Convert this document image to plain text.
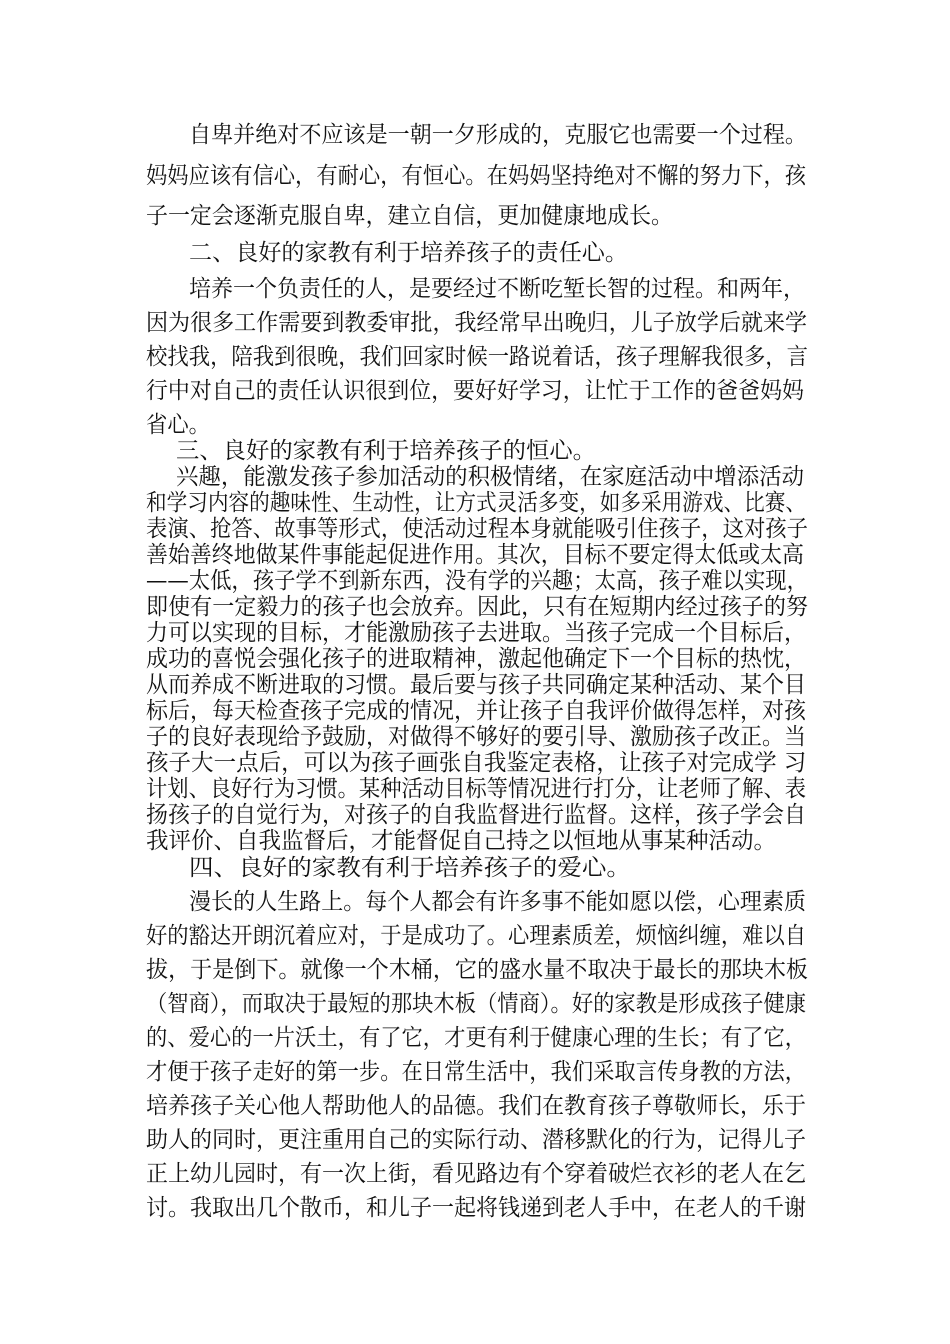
自卑并绝对不应该是一朝一夕形成的，克服它也需要一个过程。
妈妈应该有信心，有耐心，有恒心。在妈妈坚持绝对不懈的努力下，孩
子一定会逐渐克服自卑，建立自信，更加健康地成长。
二、良好的家教有利于培养孩子的责任心。
培养一个负责任的人，是要经过不断吃堑长智的过程。和两年，
因为很多工作需要到教委审批，我经常早出晚归，儿子放学后就来学
校找我，陪我到很晚，我们回家时候一路说着话，孩子理解我很多，言
行中对自己的责任认识很到位，要好好学习，让忙于工作的爸爸妈妈
省心。
三、良好的家教有利于培养孩子的恒心。
兴趣，能激发孩子参加活动的积极情绪，在家庭活动中增添活动
和学习内容的趣味性、生动性，让方式灵活多变，如多采用游戏、比赛、
表演、抢答、故事等形式，使活动过程本身就能吸引住孩子，这对孩子
善始善终地做某件事能起促进作用。其次，目标不要定得太低或太高
——太低，孩子学不到新东西，没有学的兴趣；太高，孩子难以实现，
即使有一定毅力的孩子也会放弃。因此，只有在短期内经过孩子的努
力可以实现的目标，才能激励孩子去进取。当孩子完成一个目标后，
成功的喜悦会强化孩子的进取精神，激起他确定下一个目标的热忱，
从而养成不断进取的习惯。最后要与孩子共同确定某种活动、某个目
标后，每天检查孩子完成的情况，并让孩子自我评价做得怎样，对孩
子的良好表现给予鼓励，对做得不够好的要引导、激励孩子改正。当
孩子大一点后，可以为孩子画张自我鉴定表格，让孩子对完成学 习
计划、良好行为习惯。某种活动目标等情况进行打分，让老师了解、表
扬孩子的自觉行为，对孩子的自我监督进行监督。这样，孩子学会自
我评价、自我监督后，才能督促自己持之以恒地从事某种活动。
四、良好的家教有利于培养孩子的爱心。
漫长的人生路上。每个人都会有许多事不能如愿以偿，心理素质
好的豁达开朗沉着应对，于是成功了。心理素质差，烦恼纠缠，难以自
拔，于是倒下。就像一个木桶，它的盛水量不取决于最长的那块木板
（智商），而取决于最短的那块木板（情商）。好的家教是形成孩子健康
的、爱心的一片沃土，有了它，才更有利于健康心理的生长；有了它，
才便于孩子走好的第一步。在日常生活中，我们采取言传身教的方法，
培养孩子关心他人帮助他人的品德。我们在教育孩子尊敬师长，乐于
助人的同时，更注重用自己的实际行动、潜移默化的行为，记得儿子
正上幼儿园时，有一次上街，看见路边有个穿着破烂衣衫的老人在乞
讨。我取出几个散币，和儿子一起将钱递到老人手中，在老人的千谢
